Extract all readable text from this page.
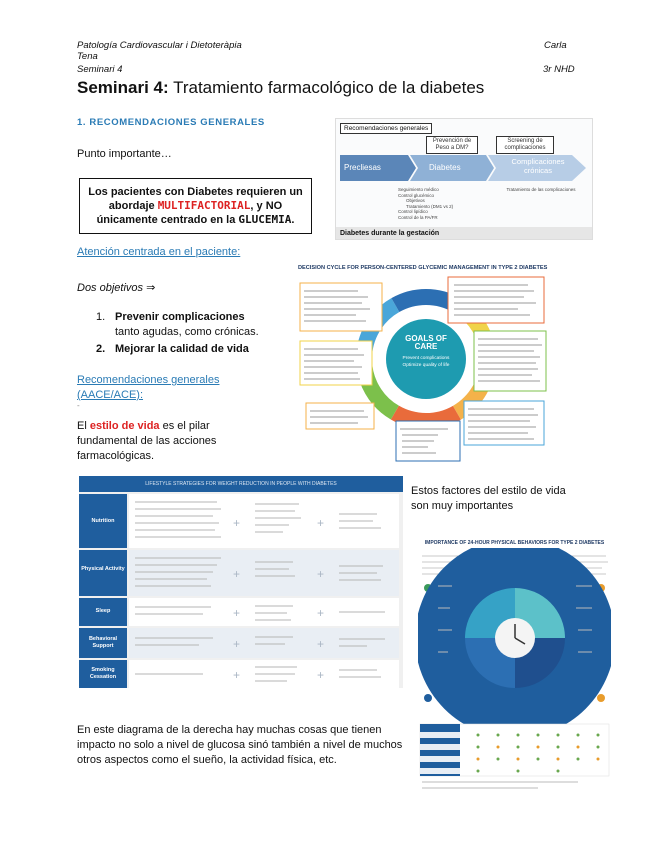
Patología Cardiovascular i Dietoteràpia	Carla
Tena
Seminari 4	3r NHD
Seminari 4: Tratamiento farmacológico de la diabetes
1. RECOMENDACIONES GENERALES
Punto importante…
Los pacientes con Diabetes requieren un abordaje MULTIFACTORIAL, y NO únicamente centrado en la GLUCEMIA.
Atención centrada en el paciente:
Dos objetivos ⇒
1. Prevenir complicaciones
tanto agudas, como crónicas.
2. Mejorar la calidad de vida
Recomendaciones generales (AACE/ACE):
-
El estilo de vida es el pilar fundamental de las acciones farmacológicas.
Estos factores del estilo de vida son muy importantes
En este diagrama de la derecha hay muchas cosas que tienen impacto no solo a nivel de glucosa sinó también a nivel de muchos otros aspectos como el sueño, la actividad física, etc.
Recomendaciones generales
Prevención de Peso a DM?
Screening de complicaciones
Precliesas	Diabetes
Complicaciones crónicas
Seguimiento médico
Control glucémico
Objetivos
Tratamiento (DM1 vs 2)
Control lipídico
Control de la PA/FR
Tratamiento de las complicaciones
Diabetes durante la gestación
DECISION CYCLE FOR PERSON-CENTERED GLYCEMIC MANAGEMENT IN TYPE 2 DIABETES
GOALS OF CARE
Prevent complications
Optimize quality of life
LIFESTYLE STRATEGIES FOR WEIGHT REDUCTION IN PEOPLE WITH DIABETES
Nutrition
Physical Activity
Sleep
Behavioral Support
Smoking Cessation
+	+
+	+
+	+
+	+
+	+
IMPORTANCE OF 24-HOUR PHYSICAL BEHAVIORS FOR TYPE 2 DIABETES
